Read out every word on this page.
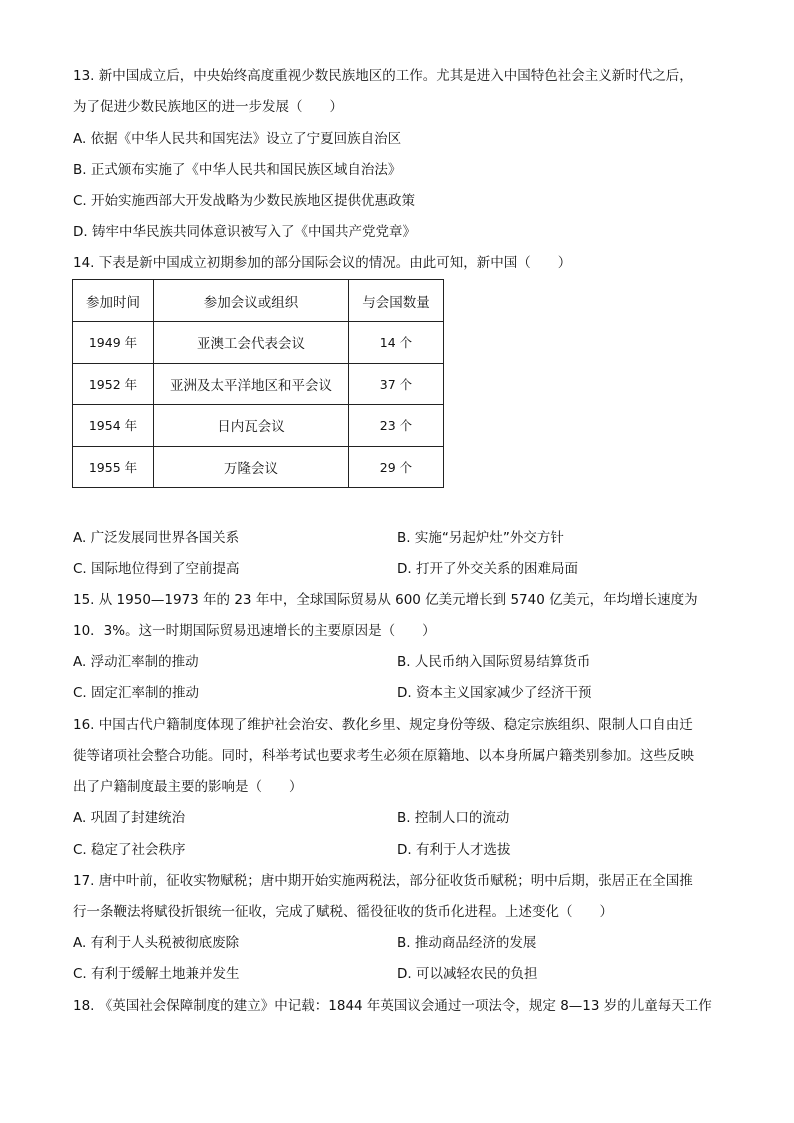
13. 新中国成立后，中央始终高度重视少数民族地区的工作。尤其是进入中国特色社会主义新时代之后，
为了促进少数民族地区的进一步发展（　　）
A. 依据《中华人民共和国宪法》设立了宁夏回族自治区
B. 正式颁布实施了《中华人民共和国民族区域自治法》
C. 开始实施西部大开发战略为少数民族地区提供优惠政策
D. 铸牢中华民族共同体意识被写入了《中国共产党党章》
14. 下表是新中国成立初期参加的部分国际会议的情况。由此可知，新中国（　　）
参加时间	参加会议或组织	与会国数量
1949 年	亚澳工会代表会议	14 个
1952 年	亚洲及太平洋地区和平会议	37 个
1954 年	日内瓦会议	23 个
1955 年	万隆会议	29 个
A. 广泛发展同世界各国关系	B. 实施“另起炉灶”外交方针
C. 国际地位得到了空前提高	D. 打开了外交关系的困难局面
15. 从 1950—1973 年的 23 年中，全球国际贸易从 600 亿美元增长到 5740 亿美元，年均增长速度为
10．3%。这一时期国际贸易迅速增长的主要原因是（　　）
A. 浮动汇率制的推动	B. 人民币纳入国际贸易结算货币
C. 固定汇率制的推动	D. 资本主义国家减少了经济干预
16. 中国古代户籍制度体现了维护社会治安、教化乡里、规定身份等级、稳定宗族组织、限制人口自由迁
徙等诸项社会整合功能。同时，科举考试也要求考生必须在原籍地、以本身所属户籍类别参加。这些反映
出了户籍制度最主要的影响是（　　）
A. 巩固了封建统治	B. 控制人口的流动
C. 稳定了社会秩序	D. 有利于人才选拔
17. 唐中叶前，征收实物赋税；唐中期开始实施两税法，部分征收货币赋税；明中后期，张居正在全国推
行一条鞭法将赋役折银统一征收，完成了赋税、徭役征收的货币化进程。上述变化（　　）
A. 有利于人头税被彻底废除	B. 推动商品经济的发展
C. 有利于缓解土地兼并发生	D. 可以减轻农民的负担
18. 《英国社会保障制度的建立》中记载：1844 年英国议会通过一项法令，规定 8—13 岁的儿童每天工作
